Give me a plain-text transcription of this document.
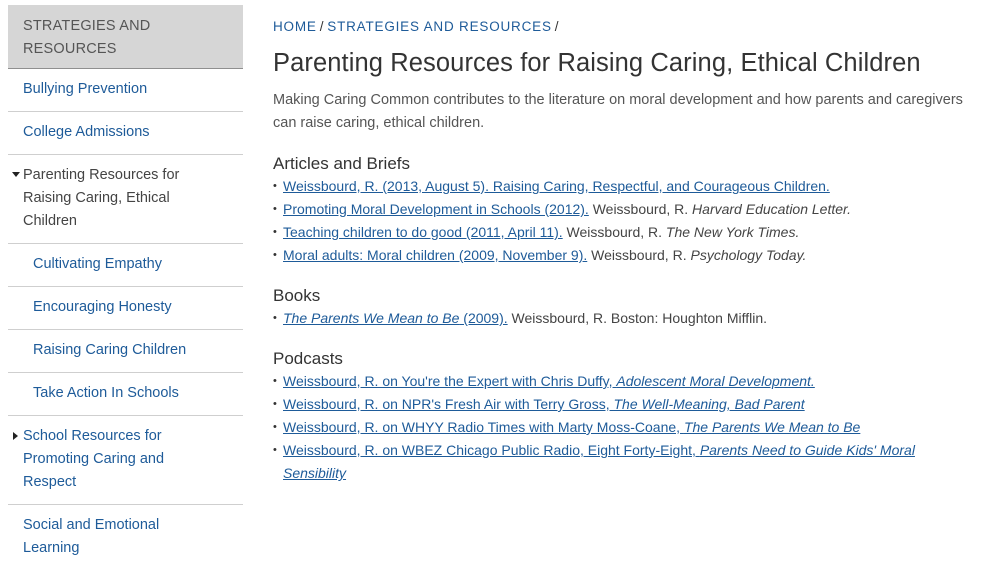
STRATEGIES AND
RESOURCES
Bullying Prevention
College Admissions
Parenting Resources for
Raising Caring, Ethical
Children
Cultivating Empathy
Encouraging Honesty
Raising Caring Children
Take Action In Schools
School Resources for
Promoting Caring and
Respect
Social and Emotional
Learning
HOME / STRATEGIES AND RESOURCES /
Parenting Resources for Raising Caring, Ethical Children

Making Caring Common contributes to the literature on moral development and how parents and caregivers can raise caring, ethical children.

Articles and Briefs
• Weissbourd, R. (2013, August 5). Raising Caring, Respectful, and Courageous Children.
• Promoting Moral Development in Schools (2012). Weissbourd, R. Harvard Education Letter.
• Teaching children to do good (2011, April 11). Weissbourd, R. The New York Times.
• Moral adults: Moral children (2009, November 9). Weissbourd, R. Psychology Today.
Books
• The Parents We Mean to Be (2009). Weissbourd, R. Boston: Houghton Mifflin.
Podcasts
• Weissbourd, R. on You're the Expert with Chris Duffy, Adolescent Moral Development.
• Weissbourd, R. on NPR's Fresh Air with Terry Gross, The Well-Meaning, Bad Parent
• Weissbourd, R. on WHYY Radio Times with Marty Moss-Coane, The Parents We Mean to Be
• Weissbourd, R. on WBEZ Chicago Public Radio, Eight Forty-Eight, Parents Need to Guide Kids' Moral Sensibility
